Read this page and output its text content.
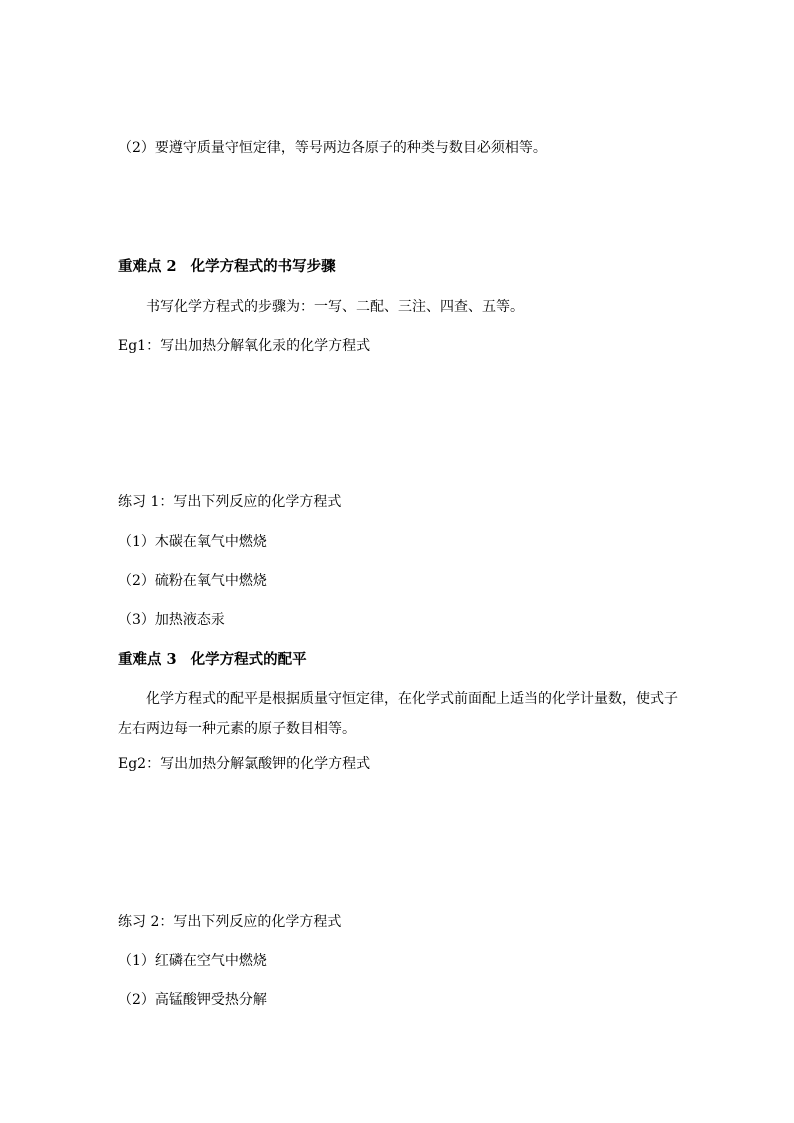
（2）要遵守质量守恒定律，等号两边各原子的种类与数目必须相等。
重难点 2 化学方程式的书写步骤
书写化学方程式的步骤为：一写、二配、三注、四查、五等。
Eg1：写出加热分解氧化汞的化学方程式
练习 1：写出下列反应的化学方程式
（1）木碳在氧气中燃烧
（2）硫粉在氧气中燃烧
（3）加热液态汞
重难点 3 化学方程式的配平
化学方程式的配平是根据质量守恒定律，在化学式前面配上适当的化学计量数，使式子左右两边每一种元素的原子数目相等。
Eg2：写出加热分解氯酸钾的化学方程式
练习 2：写出下列反应的化学方程式
（1）红磷在空气中燃烧
（2）高锰酸钾受热分解
